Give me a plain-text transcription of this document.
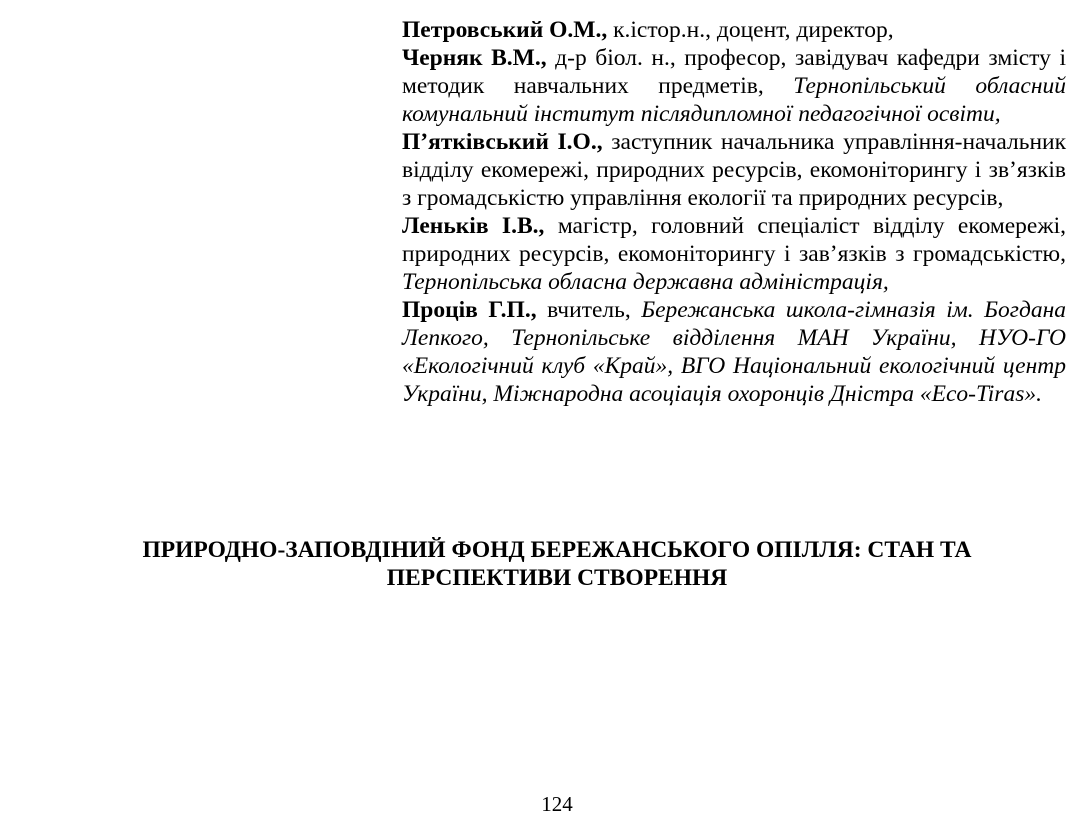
Петровський О.М., к.істор.н., доцент, директор,

Черняк В.М., д-р біол. н., професор, завідувач кафедри змісту і методик навчальних предметів, Тернопільський обласний комунальний інститут післядипломної педагогічної освіти,

П’ятківський І.О., заступник начальника управління-начальник відділу екомережі, природних ресурсів, екомоніторингу і зв’язків з громадськістю управління екології та природних ресурсів,

Леньків І.В., магістр, головний спеціаліст відділу екомережі, природних ресурсів, екомоніторингу і зав’язків з громадськістю, Тернопільська обласна державна адміністрація,

Проців Г.П., вчитель, Бережанська школа-гімназія ім. Богдана Лепкого, Тернопільське відділення МАН України, НУО-ГО «Екологічний клуб «Край», ВГО Національний екологічний центр України, Міжнародна асоціація охоронців Дністра «Eco-Tiras».

ПРИРОДНО-ЗАПОВДІНИЙ ФОНД БЕРЕЖАНСЬКОГО ОПІЛЛЯ: СТАН ТА
ПЕРСПЕКТИВИ СТВОРЕННЯ
124
